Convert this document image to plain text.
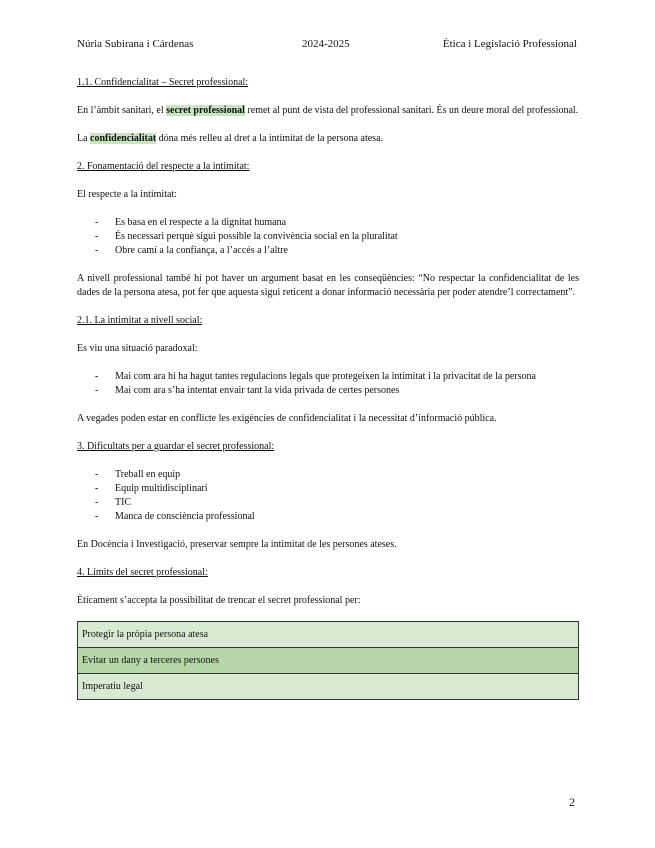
Núria Subirana i Cárdenas	2024-2025	Ètica i Legislació Professional

1.1. Confidencialitat – Secret professional:

En l’àmbit sanitari, el secret professional remet al punt de vista del professional sanitari. És un deure moral del professional.

La confidencialitat dóna més relleu al dret a la intimitat de la persona atesa.

2. Fonamentació del respecte a la intimitat:

El respecte a la intimitat:

- Es basa en el respecte a la dignitat humana
- És necessari perquè sigui possible la convivència social en la pluralitat
- Obre camí a la confiança, a l’accés a l’altre

A nivell professional també hi pot haver un argument basat en les conseqüències: “No respectar la confidencialitat de les dades de la persona atesa, pot fer que aquesta sigui reticent a donar informació necessària per poder atendre’l correctament”.

2.1. La intimitat a nivell social:

Es viu una situació paradoxal:

- Mai com ara hi ha hagut tantes regulacions legals que protegeixen la intimitat i la privacitat de la persona
- Mai com ara s’ha intentat envair tant la vida privada de certes persones

A vegades poden estar en conflicte les exigències de confidencialitat i la necessitat d’informació pública.

3. Dificultats per a guardar el secret professional:

- Treball en equip
- Equip multidisciplinari
- TIC
- Manca de consciència professional

En Docència i Investigació, preservar sempre la intimitat de les persones ateses.

4. Límits del secret professional:

Èticament s’accepta la possibilitat de trencar el secret professional per:

Protegir la pròpia persona atesa
Evitar un dany a terceres persones
Imperatiu legal
2
